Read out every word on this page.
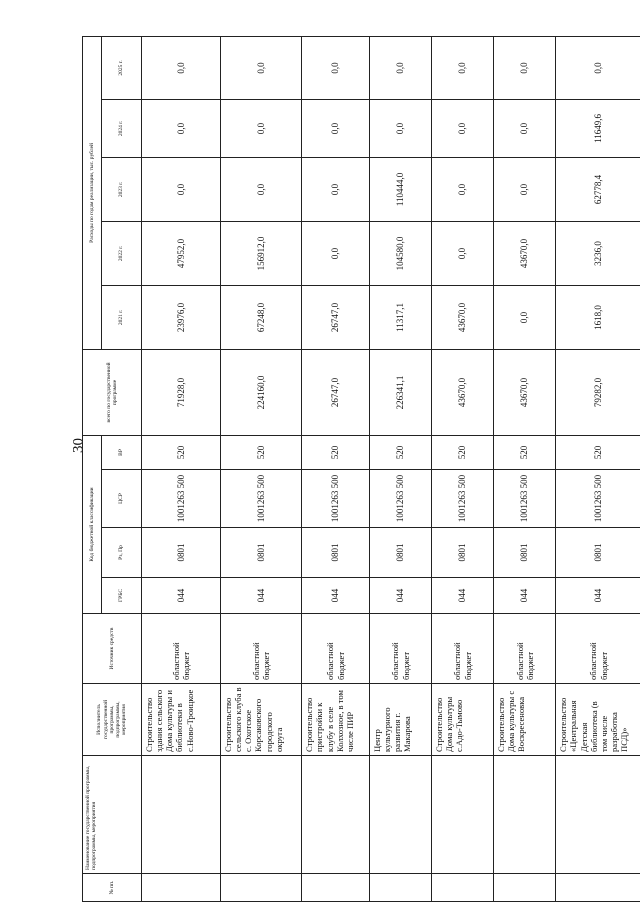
30
№ пп.	Наименование государственной программы, подпрограммы, мероприятия	Исполнитель государственной программы, подпрограммы, мероприятия	Источник средств	Код бюджетной классификации				всего по государственной программе	Расходы по годам реализации, тыс. рублей				
				ГРБС	Рз, Пр	ЦСР	ВР		2021 г.	2022 г.	2023 г.	2024 г.	2025 г.
		Строительство здания сельского Дома культуры и библиотеки в с.Ново-Троицкое	областной бюджет	044	0801	1001263 500	520	71928,0	23976,0	47952,0	0,0	0,0	0,0
		Строительство сельского клуба в с. Охотское Корсаковского городского округа	областной бюджет	044	0801	1001263 500	520	224160,0	67248,0	156912,0	0,0	0,0	0,0
		Строительство пристройки к клубу в селе Колхозное, в том числе ПИР	областной бюджет	044	0801	1001263 500	520	26747,0	26747,0	0,0	0,0	0,0	0,0
		Центр культурного развития г. Макарова	областной бюджет	044	0801	1001263 500	520	226341,1	11317,1	104580,0	110444,0	0,0	0,0
		Строительство Дома культуры с.Адо-Тымово	областной бюджет	044	0801	1001263 500	520	43670,0	43670,0	0,0	0,0	0,0	0,0
		Строительство Дома культуры с Воскресеновка	областной бюджет	044	0801	1001263 500	520	43670,0	0,0	43670,0	0,0	0,0	0,0
		Строительство «Центральная Детская библиотека (в том числе разработка ПСД)»	областной бюджет	044	0801	1001263 500	520	79282,0	1618,0	3236,0	62778,4	11649,6	0,0
